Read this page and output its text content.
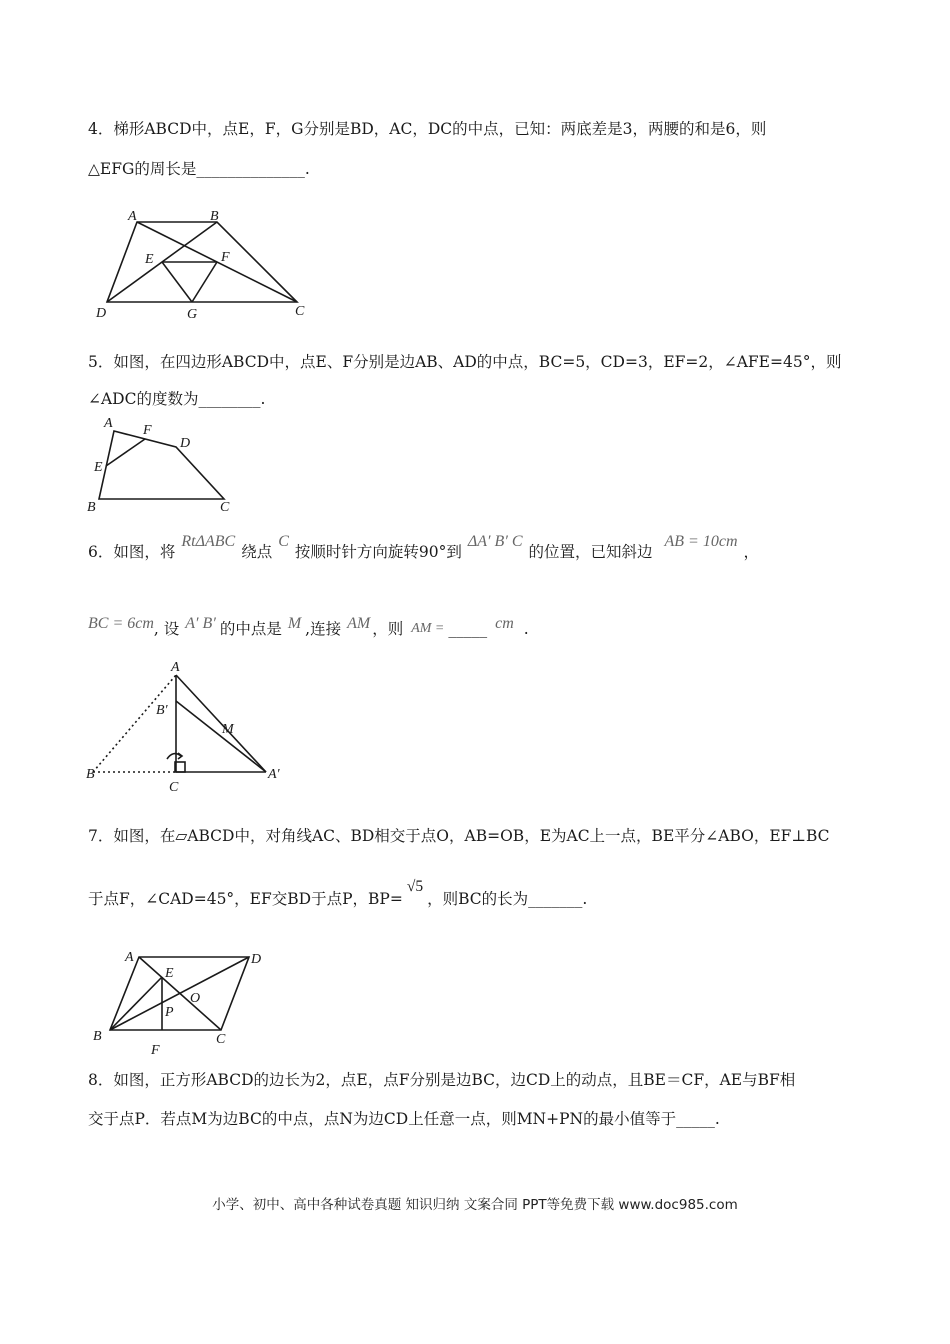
4．梯形ABCD中，点E，F，G分别是BD，AC，DC的中点，已知：两底差是3，两腰的和是6，则
△EFG的周长是______________.
A	B
C
D
E	F
G
5．如图，在四边形ABCD中，点E、F分别是边AB、AD的中点，BC=5，CD=3，EF=2，∠AFE=45°，则
∠ADC的度数为________.
A F
D
E
B	C
6．如图，将RtΔABC绕点C按顺时针方向旋转90°到ΔA′ B′ C的位置，已知斜边AB = 10cm，
BC = 6cm, 设 A′ B′ 的中点是 M ,连接 AM ，则 AM = _____ cm .
A
B′
M
B
C
A′
7．如图，在▱ABCD中，对角线AC、BD相交于点O，AB=OB，E为AC上一点，BE平分∠ABO，EF⊥BC
于点F，∠CAD=45°，EF交BD于点P，BP=√5，则BC的长为_______.
A	D
E
O
P
B	C
F
8．如图，正方形ABCD的边长为2，点E，点F分别是边BC，边CD上的动点，且BE＝CF，AE与BF相
交于点P．若点M为边BC的中点，点N为边CD上任意一点，则MN+PN的最小值等于_____.
小学、初中、高中各种试卷真题 知识归纳 文案合同 PPT等免费下载 www.doc985.com
